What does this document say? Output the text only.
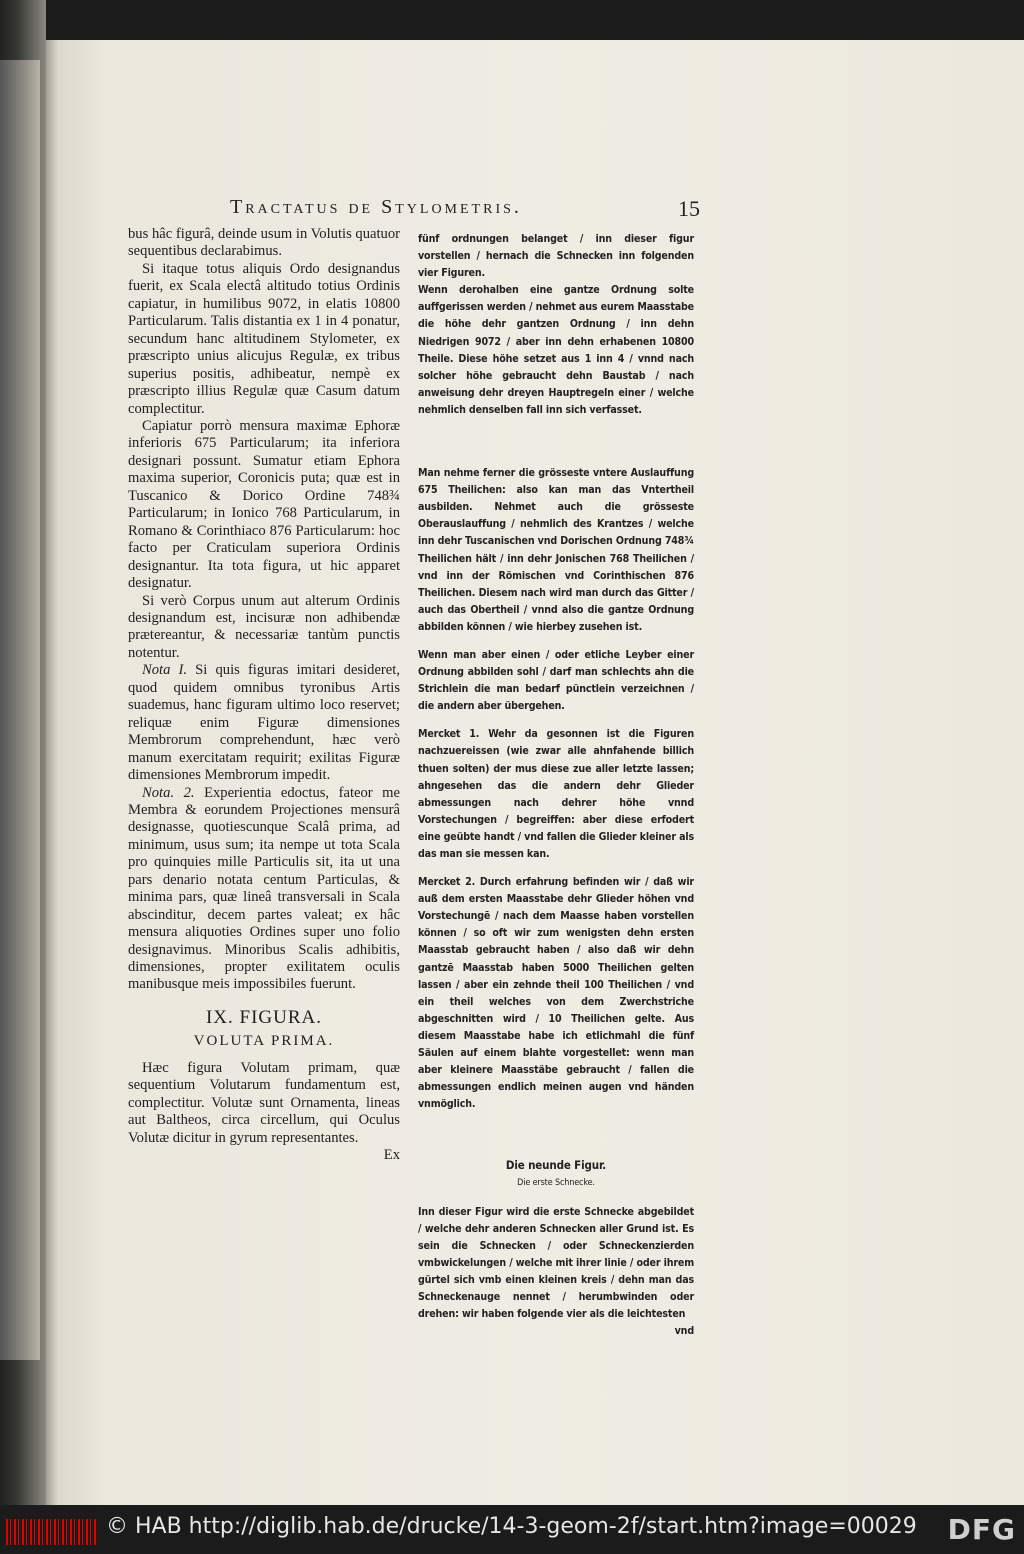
Tractatus de Stylometris.	15

bus hâc figurâ, deinde usum in Volutis quatuor sequentibus declarabimus.

Si itaque totus aliquis Ordo designandus fuerit, ex Scala electâ altitudo totius Ordinis capiatur, in humilibus 9072, in elatis 10800 Particularum. Talis distantia ex 1 in 4 ponatur, secundum hanc altitudinem Stylometer, ex præscripto unius alicujus Regulæ, ex tribus superius positis, adhibeatur, nempè ex præscripto illius Regulæ quæ Casum datum complectitur.

Capiatur porrò mensura maximæ Ephoræ inferioris 675 Particularum; ita inferiora designari possunt. Sumatur etiam Ephora maxima superior, Coronicis puta; quæ est in Tuscanico & Dorico Ordine 748¾ Particularum; in Ionico 768 Particularum, in Romano & Corinthiaco 876 Particularum: hoc facto per Craticulam superiora Ordinis designantur. Ita tota figura, ut hic apparet designatur.

Si verò Corpus unum aut alterum Ordinis designandum est, incisuræ non adhibendæ prætereantur, & necessariæ tantùm punctis notentur.

Nota I. Si quis figuras imitari desideret, quod quidem omnibus tyronibus Artis suademus, hanc figuram ultimo loco reservet; reliquæ enim Figuræ dimensiones Membrorum comprehendunt, hæc verò manum exercitatam requirit; exilitas Figuræ dimensiones Membrorum impedit.

Nota. 2. Experientia edoctus, fateor me Membra & eorundem Projectiones mensurâ designasse, quotiescunque Scalâ prima, ad minimum, usus sum; ita nempe ut tota Scala pro quinquies mille Particulis sit, ita ut una pars denario notata centum Particulas, & minima pars, quæ lineâ transversali in Scala abscinditur, decem partes valeat; ex hâc mensura aliquoties Ordines super uno folio designavimus. Minoribus Scalis adhibitis, dimensiones, propter exilitatem oculis manibusque meis impossibiles fuerunt.

IX. FIGURA.

VOLUTA PRIMA.

Hæc figura Volutam primam, quæ sequentium Volutarum fundamentum est, complectitur. Volutæ sunt Ornamenta, lineas aut Baltheos, circa circellum, qui Oculus Volutæ dicitur in gyrum representantes.

Ex

fünf ordnungen belanget / inn dieser figur vorstellen / hernach die Schnecken inn folgenden vier Figuren.

Wenn derohalben eine gantze Ordnung solte auffgerissen werden / nehmet aus eurem Maasstabe die höhe dehr gantzen Ordnung / inn dehn Niedrigen 9072 / aber inn dehn erhabenen 10800 Theile. Diese höhe setzet aus 1 inn 4 / vnnd nach solcher höhe gebraucht dehn Baustab / nach anweisung dehr dreyen Hauptregeln einer / welche nehmlich denselben fall inn sich verfasset.

Man nehme ferner die grösseste vntere Auslauffung 675 Theilichen: also kan man das Vntertheil ausbilden. Nehmet auch die grösseste Oberauslauffung / nehmlich des Krantzes / welche inn dehr Tuscanischen vnd Dorischen Ordnung 748¾ Theilichen hält / inn dehr Jonischen 768 Theilichen / vnd inn der Römischen vnd Corinthischen 876 Theilichen. Diesem nach wird man durch das Gitter / auch das Obertheil / vnnd also die gantze Ordnung abbilden können / wie hierbey zusehen ist.

Wenn man aber einen / oder etliche Leyber einer Ordnung abbilden sohl / darf man schlechts ahn die Strichlein die man bedarf pünctlein verzeichnen / die andern aber übergehen.

Mercket 1. Wehr da gesonnen ist die Figuren nachzuereissen (wie zwar alle ahnfahende billich thuen solten) der mus diese zue aller letzte lassen; ahngesehen das die andern dehr Glieder abmessungen nach dehrer höhe vnnd Vorstechungen / begreiffen: aber diese erfodert eine geübte handt / vnd fallen die Glieder kleiner als das man sie messen kan.

Mercket 2. Durch erfahrung befinden wir / daß wir auß dem ersten Maasstabe dehr Glieder höhen vnd Vorstechungē / nach dem Maasse haben vorstellen können / so oft wir zum wenigsten dehn ersten Maasstab gebraucht haben / also daß wir dehn gantzē Maasstab haben 5000 Theilichen gelten lassen / aber ein zehnde theil 100 Theilichen / vnd ein theil welches von dem Zwerchstriche abgeschnitten wird / 10 Theilichen gelte. Aus diesem Maasstabe habe ich etlichmahl die fünf Säulen auf einem blahte vorgestellet: wenn man aber kleinere Maasstäbe gebraucht / fallen die abmessungen endlich meinen augen vnd händen vnmöglich.

Die neunde Figur.

Die erste Schnecke.

Inn dieser Figur wird die erste Schnecke abgebildet / welche dehr anderen Schnecken aller Grund ist. Es sein die Schnecken / oder Schneckenzierden vmbwickelungen / welche mit ihrer linie / oder ihrem gürtel sich vmb einen kleinen kreis / dehn man das Schneckenauge nennet / herumbwinden oder drehen: wir haben folgende vier als die leichtesten

vnd

© HAB http://diglib.hab.de/drucke/14-3-geom-2f/start.htm?image=00029 DFG
